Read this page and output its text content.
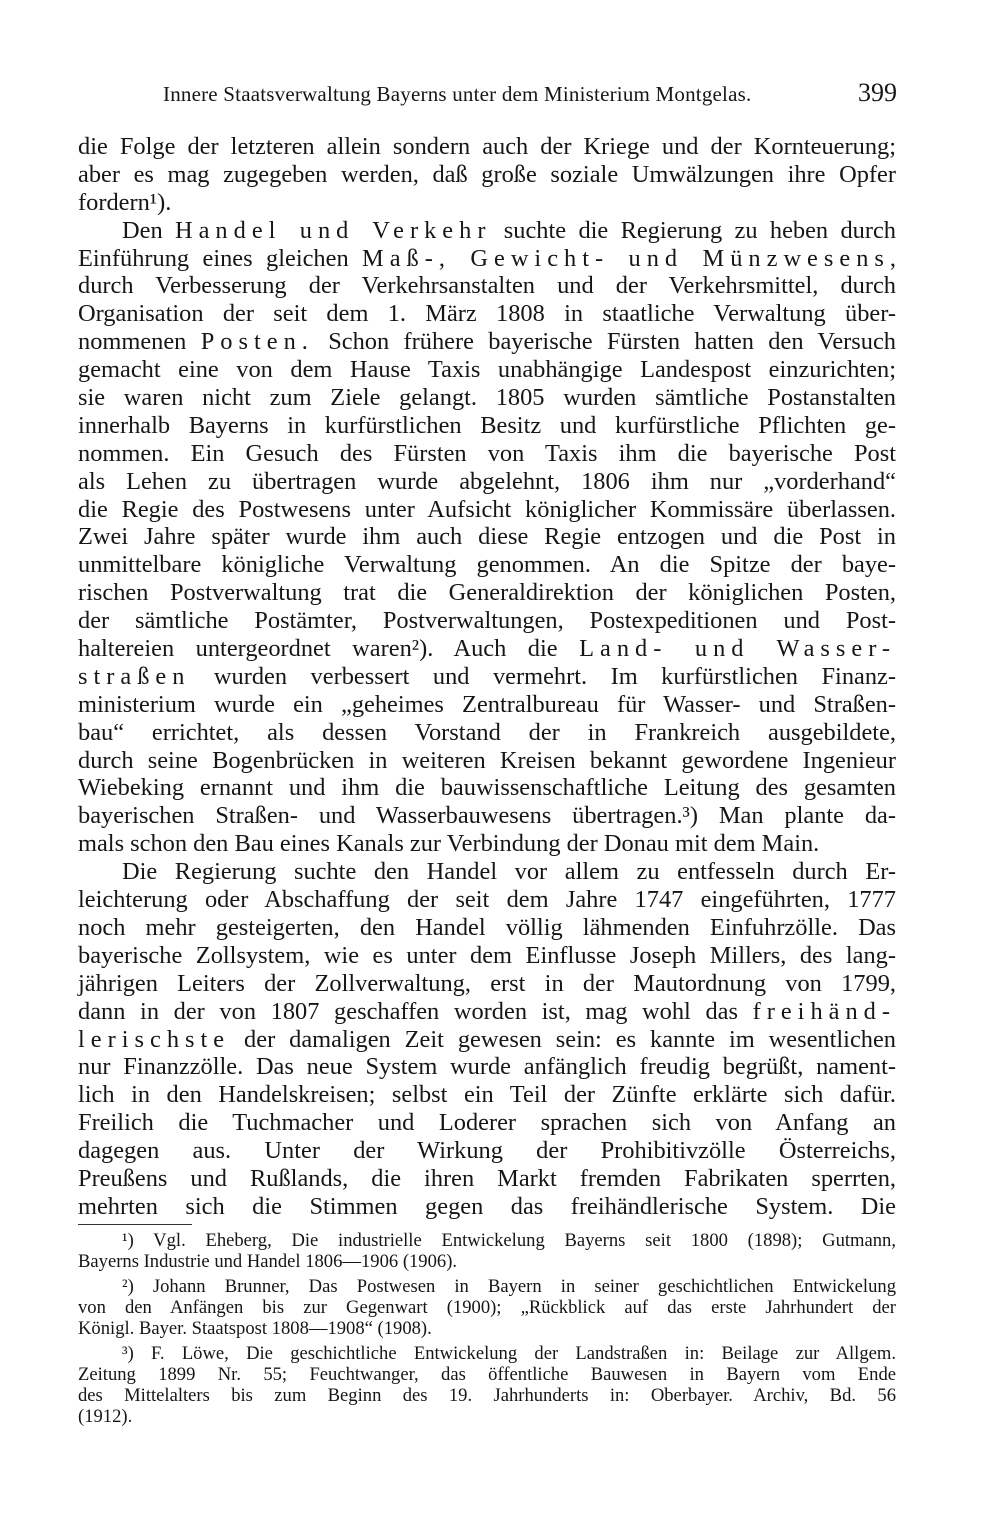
Innere Staatsverwaltung Bayerns unter dem Ministerium Montgelas.	399
die Folge der letzteren allein sondern auch der Kriege und der Kornteuerung;
aber es mag zugegeben werden, daß große soziale Umwälzungen ihre Opfer
fordern¹).
Den Handel und Verkehr suchte die Regierung zu heben durch
Einführung eines gleichen Maß-, Gewicht- und Münzwesens,
durch Verbesserung der Verkehrsanstalten und der Verkehrsmittel, durch
Organisation der seit dem 1. März 1808 in staatliche Verwaltung über-
nommenen Posten. Schon frühere bayerische Fürsten hatten den Versuch
gemacht eine von dem Hause Taxis unabhängige Landespost einzurichten;
sie waren nicht zum Ziele gelangt. 1805 wurden sämtliche Postanstalten
innerhalb Bayerns in kurfürstlichen Besitz und kurfürstliche Pflichten ge-
nommen. Ein Gesuch des Fürsten von Taxis ihm die bayerische Post
als Lehen zu übertragen wurde abgelehnt, 1806 ihm nur „vorderhand“
die Regie des Postwesens unter Aufsicht königlicher Kommissäre überlassen.
Zwei Jahre später wurde ihm auch diese Regie entzogen und die Post in
unmittelbare königliche Verwaltung genommen. An die Spitze der baye-
rischen Postverwaltung trat die Generaldirektion der königlichen Posten,
der sämtliche Postämter, Postverwaltungen, Postexpeditionen und Post-
haltereien untergeordnet waren²). Auch die Land- und Wasser-
straßen wurden verbessert und vermehrt. Im kurfürstlichen Finanz-
ministerium wurde ein „geheimes Zentralbureau für Wasser- und Straßen-
bau“ errichtet, als dessen Vorstand der in Frankreich ausgebildete,
durch seine Bogenbrücken in weiteren Kreisen bekannt gewordene Ingenieur
Wiebeking ernannt und ihm die bauwissenschaftliche Leitung des gesamten
bayerischen Straßen- und Wasserbauwesens übertragen.³) Man plante da-
mals schon den Bau eines Kanals zur Verbindung der Donau mit dem Main.
Die Regierung suchte den Handel vor allem zu entfesseln durch Er-
leichterung oder Abschaffung der seit dem Jahre 1747 eingeführten, 1777
noch mehr gesteigerten, den Handel völlig lähmenden Einfuhrzölle. Das
bayerische Zollsystem, wie es unter dem Einflusse Joseph Millers, des lang-
jährigen Leiters der Zollverwaltung, erst in der Mautordnung von 1799,
dann in der von 1807 geschaffen worden ist, mag wohl das freihänd-
lerischste der damaligen Zeit gewesen sein: es kannte im wesentlichen
nur Finanzzölle. Das neue System wurde anfänglich freudig begrüßt, nament-
lich in den Handelskreisen; selbst ein Teil der Zünfte erklärte sich dafür.
Freilich die Tuchmacher und Loderer sprachen sich von Anfang an
dagegen aus. Unter der Wirkung der Prohibitivzölle Österreichs,
Preußens und Rußlands, die ihren Markt fremden Fabrikaten sperrten,
mehrten sich die Stimmen gegen das freihändlerische System. Die
¹) Vgl. Eheberg, Die industrielle Entwickelung Bayerns seit 1800 (1898); Gutmann,
Bayerns Industrie und Handel 1806—1906 (1906).
²) Johann Brunner, Das Postwesen in Bayern in seiner geschichtlichen Entwickelung
von den Anfängen bis zur Gegenwart (1900); „Rückblick auf das erste Jahrhundert der
Königl. Bayer. Staatspost 1808—1908“ (1908).
³) F. Löwe, Die geschichtliche Entwickelung der Landstraßen in: Beilage zur Allgem.
Zeitung 1899 Nr. 55; Feuchtwanger, das öffentliche Bauwesen in Bayern vom Ende
des Mittelalters bis zum Beginn des 19. Jahrhunderts in: Oberbayer. Archiv, Bd. 56
(1912).
